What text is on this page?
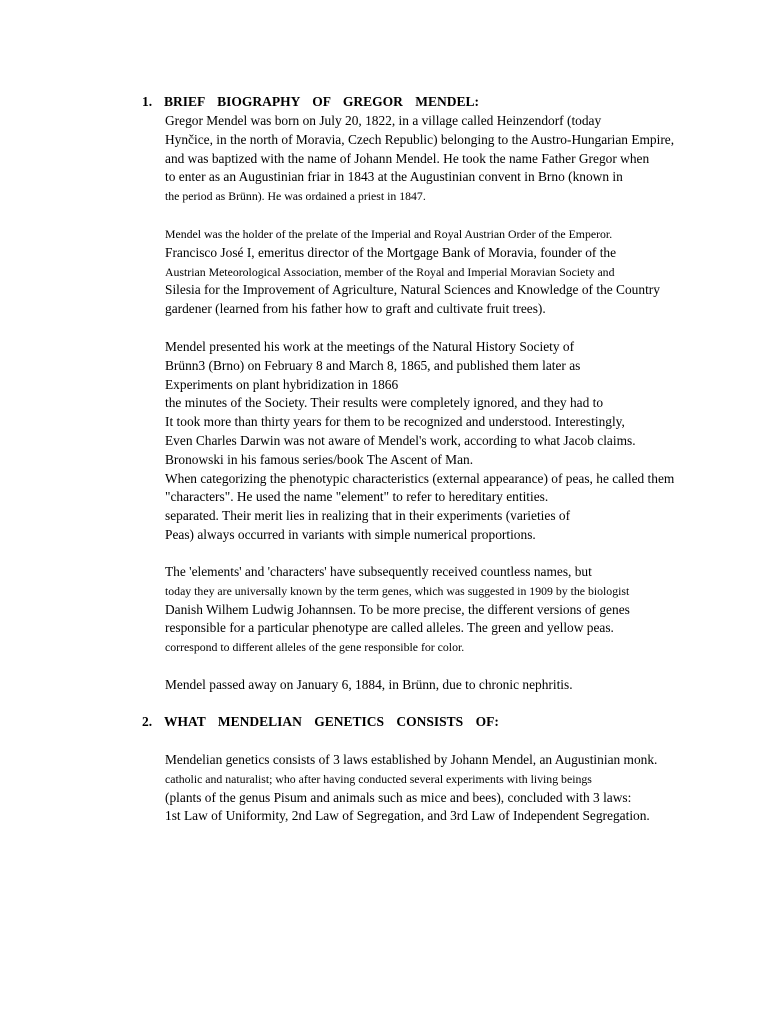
1. BRIEF BIOGRAPHY OF GREGOR MENDEL:
Gregor Mendel was born on July 20, 1822, in a village called Heinzendorf (today
Hynčice, in the north of Moravia, Czech Republic) belonging to the Austro-Hungarian Empire,
and was baptized with the name of Johann Mendel. He took the name Father Gregor when
to enter as an Augustinian friar in 1843 at the Augustinian convent in Brno (known in
the period as Brünn). He was ordained a priest in 1847.
Mendel was the holder of the prelate of the Imperial and Royal Austrian Order of the Emperor.
Francisco José I, emeritus director of the Mortgage Bank of Moravia, founder of the
Austrian Meteorological Association, member of the Royal and Imperial Moravian Society and
Silesia for the Improvement of Agriculture, Natural Sciences and Knowledge of the Country
gardener (learned from his father how to graft and cultivate fruit trees).
Mendel presented his work at the meetings of the Natural History Society of
Brünn3 (Brno) on February 8 and March 8, 1865, and published them later as
Experiments on plant hybridization in 1866
the minutes of the Society. Their results were completely ignored, and they had to
It took more than thirty years for them to be recognized and understood. Interestingly,
Even Charles Darwin was not aware of Mendel's work, according to what Jacob claims.
Bronowski in his famous series/book The Ascent of Man.
When categorizing the phenotypic characteristics (external appearance) of peas, he called them
"characters". He used the name "element" to refer to hereditary entities.
separated. Their merit lies in realizing that in their experiments (varieties of
Peas) always occurred in variants with simple numerical proportions.
The 'elements' and 'characters' have subsequently received countless names, but
today they are universally known by the term genes, which was suggested in 1909 by the biologist
Danish Wilhem Ludwig Johannsen. To be more precise, the different versions of genes
responsible for a particular phenotype are called alleles. The green and yellow peas.
correspond to different alleles of the gene responsible for color.
Mendel passed away on January 6, 1884, in Brünn, due to chronic nephritis.
2. WHAT MENDELIAN GENETICS CONSISTS OF:
Mendelian genetics consists of 3 laws established by Johann Mendel, an Augustinian monk.
catholic and naturalist; who after having conducted several experiments with living beings
(plants of the genus Pisum and animals such as mice and bees), concluded with 3 laws:
1st Law of Uniformity, 2nd Law of Segregation, and 3rd Law of Independent Segregation.
